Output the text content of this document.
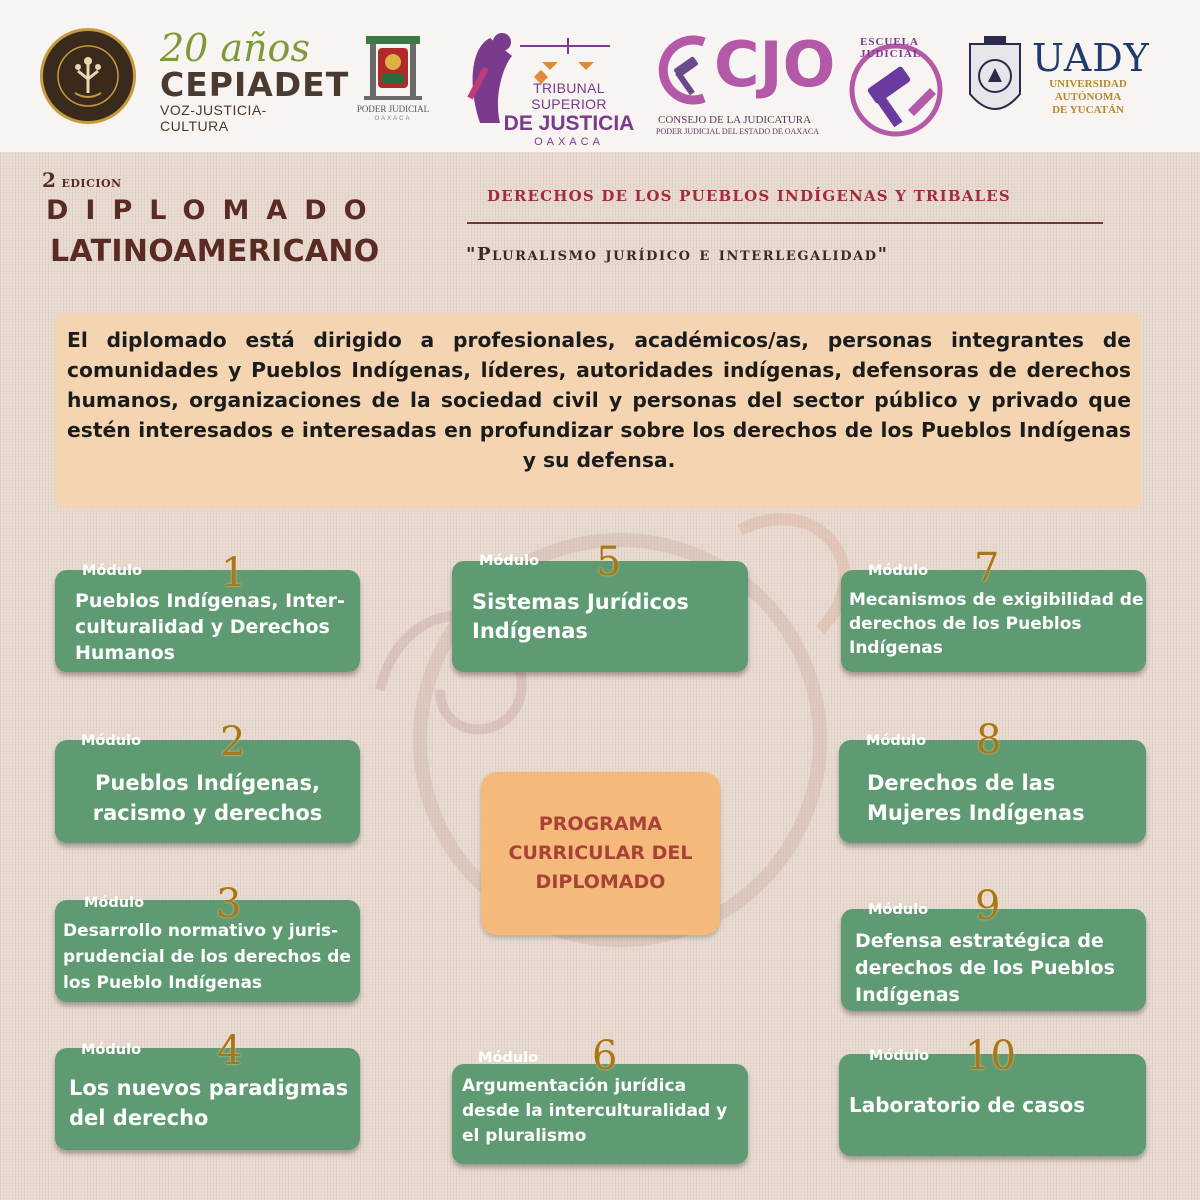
20 años
CEPIADET
VOZ-JUSTICIA-CULTURA
PODER JUDICIAL
OAXACA
TRIBUNAL SUPERIOR
DE JUSTICIA
OAXACA
CJO
CONSEJO DE LA JUDICATURA
PODER JUDICIAL DEL ESTADO DE OAXACA
ESCUELA JUDICIAL	UADY
UNIVERSIDAD
AUTÓNOMA
DE YUCATÁN
2 EDICION
DIPLOMADO
LATINOAMERICANO
DERECHOS DE LOS PUEBLOS INDÍGENAS Y TRIBALES
"Pluralismo jurídico e interlegalidad"
El diplomado está dirigido a profesionales, académicos/as, personas integrantes de comunidades y Pueblos Indígenas, líderes, autoridades indígenas, defensoras de derechos humanos, organizaciones de la sociedad civil y personas del sector público y privado que estén interesados e interesadas en profundizar sobre los derechos de los Pueblos Indígenas y su defensa.
PROGRAMA CURRICULAR DEL DIPLOMADO
Pueblos Indígenas, Inter-culturalidad y Derechos Humanos
Módulo 1
Pueblos Indígenas, racismo y derechos
Módulo 2
Desarrollo normativo y juris-prudencial de los derechos de los Pueblo Indígenas
Módulo 3
Los nuevos paradigmas del derecho
Módulo 4
Sistemas Jurídicos Indígenas
Módulo 5
Argumentación jurídica desde la interculturalidad y el pluralismo
Módulo 6
Mecanismos de exigibilidad de derechos de los Pueblos Indígenas
Módulo 7
Derechos de las Mujeres Indígenas
Módulo 8
Defensa estratégica de derechos de los Pueblos Indígenas
Módulo 9
Laboratorio de casos
Módulo 10
